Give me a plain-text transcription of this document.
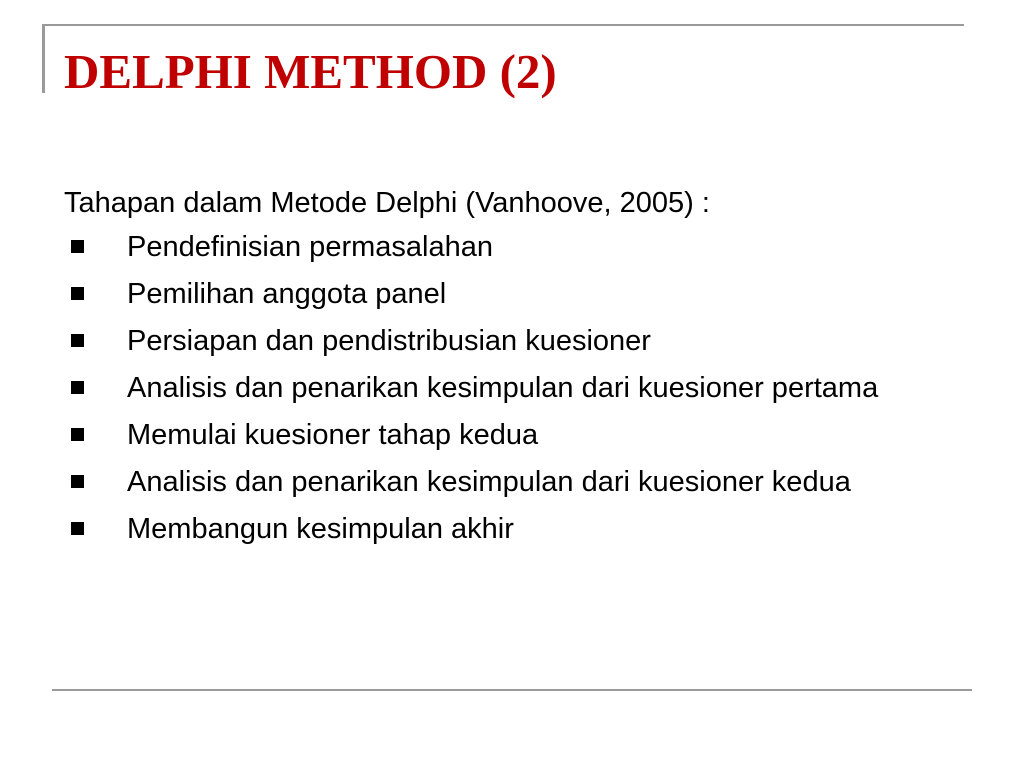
DELPHI METHOD (2)

Tahapan dalam Metode Delphi (Vanhoove, 2005) :

Pendefinisian permasalahan
Pemilihan anggota panel
Persiapan dan pendistribusian kuesioner
Analisis dan penarikan kesimpulan dari kuesioner pertama
Memulai kuesioner tahap kedua
Analisis dan penarikan kesimpulan dari kuesioner kedua
Membangun kesimpulan akhir
